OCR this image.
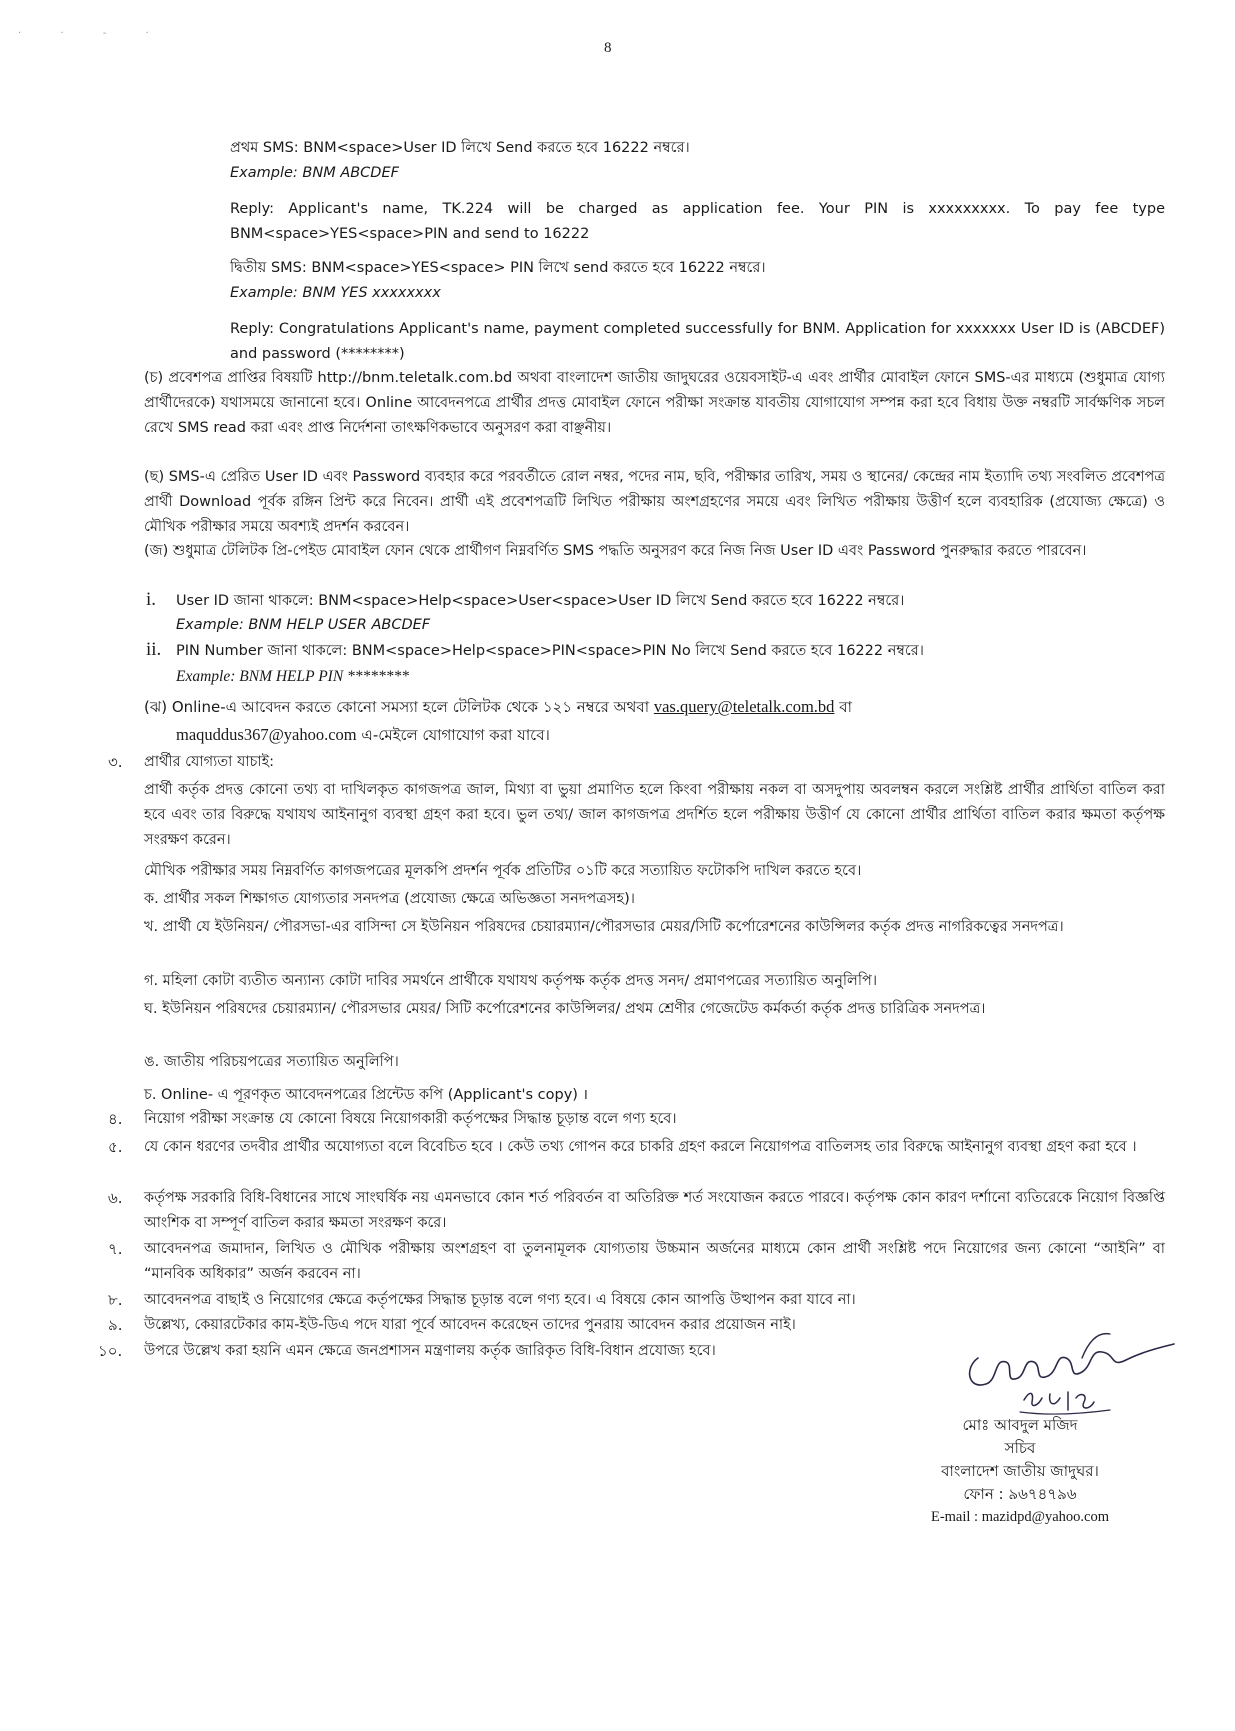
· · ‐ ·
8
প্রথম SMS: BNM<space>User ID লিখে Send করতে হবে 16222 নম্বরে।
Example: BNM ABCDEF
Reply: Applicant's name, TK.224 will be charged as application fee. Your PIN is xxxxxxxxx. To pay fee type BNM<space>YES<space>PIN and send to 16222
দ্বিতীয় SMS: BNM<space>YES<space> PIN লিখে send করতে হবে 16222 নম্বরে।
Example: BNM YES xxxxxxxx
Reply: Congratulations Applicant's name, payment completed successfully for BNM. Application for xxxxxxx User ID is (ABCDEF) and password (********)
(চ) প্রবেশপত্র প্রাপ্তির বিষয়টি http://bnm.teletalk.com.bd অথবা বাংলাদেশ জাতীয় জাদুঘরের ওয়েবসাইট-এ এবং প্রার্থীর মোবাইল ফোনে SMS-এর মাধ্যমে (শুধুমাত্র যোগ্য প্রার্থীদেরকে) যথাসময়ে জানানো হবে। Online আবেদনপত্রে প্রার্থীর প্রদত্ত মোবাইল ফোনে পরীক্ষা সংক্রান্ত যাবতীয় যোগাযোগ সম্পন্ন করা হবে বিধায় উক্ত নম্বরটি সার্বক্ষণিক সচল রেখে SMS read করা এবং প্রাপ্ত নির্দেশনা তাৎক্ষণিকভাবে অনুসরণ করা বাঞ্ছনীয়।
(ছ) SMS-এ প্রেরিত User ID এবং Password ব্যবহার করে পরবর্তীতে রোল নম্বর, পদের নাম, ছবি, পরীক্ষার তারিখ, সময় ও স্থানের/ কেন্দ্রের নাম ইত্যাদি তথ্য সংবলিত প্রবেশপত্র প্রার্থী Download পূর্বক রঙ্গিন প্রিন্ট করে নিবেন। প্রার্থী এই প্রবেশপত্রটি লিখিত পরীক্ষায় অংশগ্রহণের সময়ে এবং লিখিত পরীক্ষায় উত্তীর্ণ হলে ব্যবহারিক (প্রযোজ্য ক্ষেত্রে) ও মৌখিক পরীক্ষার সময়ে অবশ্যই প্রদর্শন করবেন।
(জ) শুধুমাত্র টেলিটক প্রি-পেইড মোবাইল ফোন থেকে প্রার্থীগণ নিম্নবর্ণিত SMS পদ্ধতি অনুসরণ করে নিজ নিজ User ID এবং Password পুনরুদ্ধার করতে পারবেন।
i. User ID জানা থাকলে: BNM<space>Help<space>User<space>User ID লিখে Send করতে হবে 16222 নম্বরে।
Example: BNM HELP USER ABCDEF
ii. PIN Number জানা থাকলে: BNM<space>Help<space>PIN<space>PIN No লিখে Send করতে হবে 16222 নম্বরে।
Example: BNM HELP PIN ********
(ঝ) Online-এ আবেদন করতে কোনো সমস্যা হলে টেলিটক থেকে ১২১ নম্বরে অথবা vas.query@teletalk.com.bd বা
maquddus367@yahoo.com এ-মেইলে যোগাযোগ করা যাবে।
৩. প্রার্থীর যোগ্যতা যাচাই:
প্রার্থী কর্তৃক প্রদত্ত কোনো তথ্য বা দাখিলকৃত কাগজপত্র জাল, মিথ্যা বা ভুয়া প্রমাণিত হলে কিংবা পরীক্ষায় নকল বা অসদুপায় অবলম্বন করলে সংশ্লিষ্ট প্রার্থীর প্রার্থিতা বাতিল করা হবে এবং তার বিরুদ্ধে যথাযথ আইনানুগ ব্যবস্থা গ্রহণ করা হবে। ভুল তথ্য/ জাল কাগজপত্র প্রদর্শিত হলে পরীক্ষায় উত্তীর্ণ যে কোনো প্রার্থীর প্রার্থিতা বাতিল করার ক্ষমতা কর্তৃপক্ষ সংরক্ষণ করেন।
মৌখিক পরীক্ষার সময় নিম্নবর্ণিত কাগজপত্রের মূলকপি প্রদর্শন পূর্বক প্রতিটির ০১টি করে সত্যায়িত ফটোকপি দাখিল করতে হবে।
ক. প্রার্থীর সকল শিক্ষাগত যোগ্যতার সনদপত্র (প্রযোজ্য ক্ষেত্রে অভিজ্ঞতা সনদপত্রসহ)।
খ. প্রার্থী যে ইউনিয়ন/ পৌরসভা-এর বাসিন্দা সে ইউনিয়ন পরিষদের চেয়ারম্যান/পৌরসভার মেয়র/সিটি কর্পোরেশনের কাউন্সিলর কর্তৃক প্রদত্ত নাগরিকত্বের সনদপত্র।
গ. মহিলা কোটা ব্যতীত অন্যান্য কোটা দাবির সমর্থনে প্রার্থীকে যথাযথ কর্তৃপক্ষ কর্তৃক প্রদত্ত সনদ/ প্রমাণপত্রের সত্যায়িত অনুলিপি।
ঘ. ইউনিয়ন পরিষদের চেয়ারম্যান/ পৌরসভার মেয়র/ সিটি কর্পোরেশনের কাউন্সিলর/ প্রথম শ্রেণীর গেজেটেড কর্মকর্তা কর্তৃক প্রদত্ত চারিত্রিক সনদপত্র।
ঙ. জাতীয় পরিচয়পত্রের সত্যায়িত অনুলিপি।
চ. Online- এ পূরণকৃত আবেদনপত্রের প্রিন্টেড কপি (Applicant's copy) ।
৪. নিয়োগ পরীক্ষা সংক্রান্ত যে কোনো বিষয়ে নিয়োগকারী কর্তৃপক্ষের সিদ্ধান্ত চূড়ান্ত বলে গণ্য হবে।
৫. যে কোন ধরণের তদবীর প্রার্থীর অযোগ্যতা বলে বিবেচিত হবে । কেউ তথ্য গোপন করে চাকরি গ্রহণ করলে নিয়োগপত্র বাতিলসহ তার বিরুদ্ধে আইনানুগ ব্যবস্থা গ্রহণ করা হবে ।
৬. কর্তৃপক্ষ সরকারি বিধি-বিধানের সাথে সাংঘর্ষিক নয় এমনভাবে কোন শর্ত পরিবর্তন বা অতিরিক্ত শর্ত সংযোজন করতে পারবে। কর্তৃপক্ষ কোন কারণ দর্শানো ব্যতিরেকে নিয়োগ বিজ্ঞপ্তি আংশিক বা সম্পূর্ণ বাতিল করার ক্ষমতা সংরক্ষণ করে।
৭. আবেদনপত্র জমাদান, লিখিত ও মৌখিক পরীক্ষায় অংশগ্রহণ বা তুলনামূলক যোগ্যতায় উচ্চমান অর্জনের মাধ্যমে কোন প্রার্থী সংশ্লিষ্ট পদে নিয়োগের জন্য কোনো “আইনি” বা “মানবিক অধিকার” অর্জন করবেন না।
৮. আবেদনপত্র বাছাই ও নিয়োগের ক্ষেত্রে কর্তৃপক্ষের সিদ্ধান্ত চূড়ান্ত বলে গণ্য হবে। এ বিষয়ে কোন আপত্তি উত্থাপন করা যাবে না।
৯. উল্লেখ্য, কেয়ারটেকার কাম-ইউ-ডিএ পদে যারা পূর্বে আবেদন করেছেন তাদের পুনরায় আবেদন করার প্রয়োজন নাই।
১০. উপরে উল্লেখ করা হয়নি এমন ক্ষেত্রে জনপ্রশাসন মন্ত্রণালয় কর্তৃক জারিকৃত বিধি-বিধান প্রযোজ্য হবে।

মোঃ আবদুল মজিদ

সচিব

বাংলাদেশ জাতীয় জাদুঘর।

ফোন : ৯৬৭৪৭৯৬

E-mail : mazidpd@yahoo.com
